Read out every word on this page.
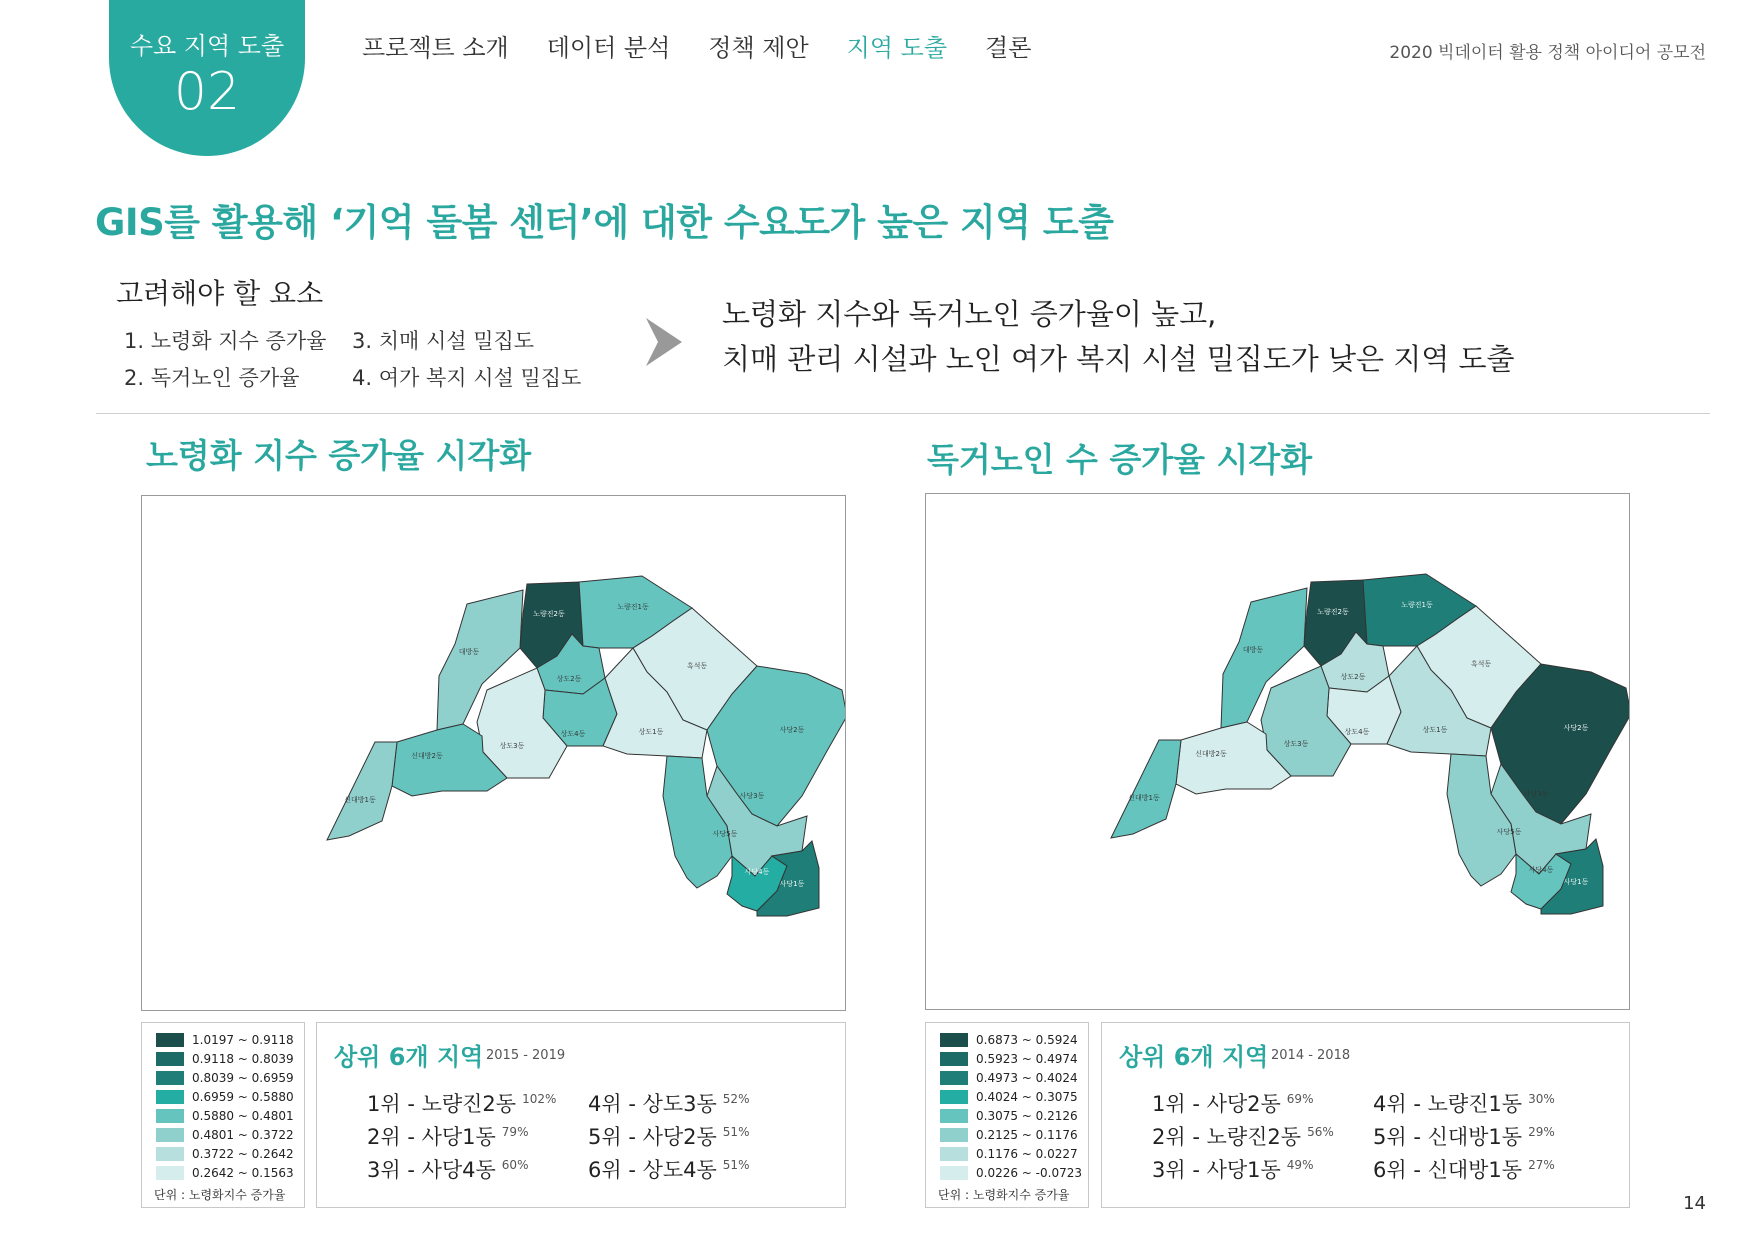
수요 지역 도출
02
프로젝트 소개 데이터 분석 정책 제안 지역 도출 결론	2020 빅데이터 활용 정책 아이디어 공모전
GIS를 활용해 ‘기억 돌봄 센터’에 대한 수요도가 높은 지역 도출
고려해야 할 요소
1. 노령화 지수 증가율
2. 독거노인 증가율
3. 치매 시설 밀집도
4. 여가 복지 시설 밀집도
노령화 지수와 독거노인 증가율이 높고,
치매 관리 시설과 노인 여가 복지 시설 밀집도가 낮은 지역 도출
노령화 지수 증가율 시각화	독거노인 수 증가율 시각화
노량진2동
노량진1동
대방동
상도2동
흑석동
상도4동	상도1동
상도3동
사당2동
신대방2동
신대방1동	사당3동
사당5동
사당4동
사당1동
노량진2동
노량진1동
대방동
상도2동
흑석동
상도4동	상도1동
상도3동
사당2동
신대방2동
신대방1동	사당3동
사당5동
사당4동
사당1동
단위 : 노령화지수 증가율
1.0197 ~ 0.9118
0.9118 ~ 0.8039
0.8039 ~ 0.6959
0.6959 ~ 0.5880
0.5880 ~ 0.4801
0.4801 ~ 0.3722
0.3722 ~ 0.2642
0.2642 ~ 0.1563
단위 : 노령화지수 증가율
0.6873 ~ 0.5924
0.5923 ~ 0.4974
0.4973 ~ 0.4024
0.4024 ~ 0.3075
0.3075 ~ 0.2126
0.2125 ~ 0.1176
0.1176 ~ 0.0227
0.0226 ~ -0.0723
상위 6개 지역 2015 - 2019
1위 - 노량진2동 $^{102\%}$
2위 - 사당1동 $^{79\%}$
3위 - 사당4동 $^{60\%}$
4위 - 상도3동 $^{52\%}$
5위 - 사당2동 $^{51\%}$
6위 - 상도4동 $^{51\%}$
상위 6개 지역 2014 - 2018
1위 - 사당2동 $^{69\%}$
2위 - 노량진2동 $^{56\%}$
3위 - 사당1동 $^{49\%}$
4위 - 노량진1동 $^{30\%}$
5위 - 신대방1동 $^{29\%}$
6위 - 신대방1동 $^{27\%}$
14
